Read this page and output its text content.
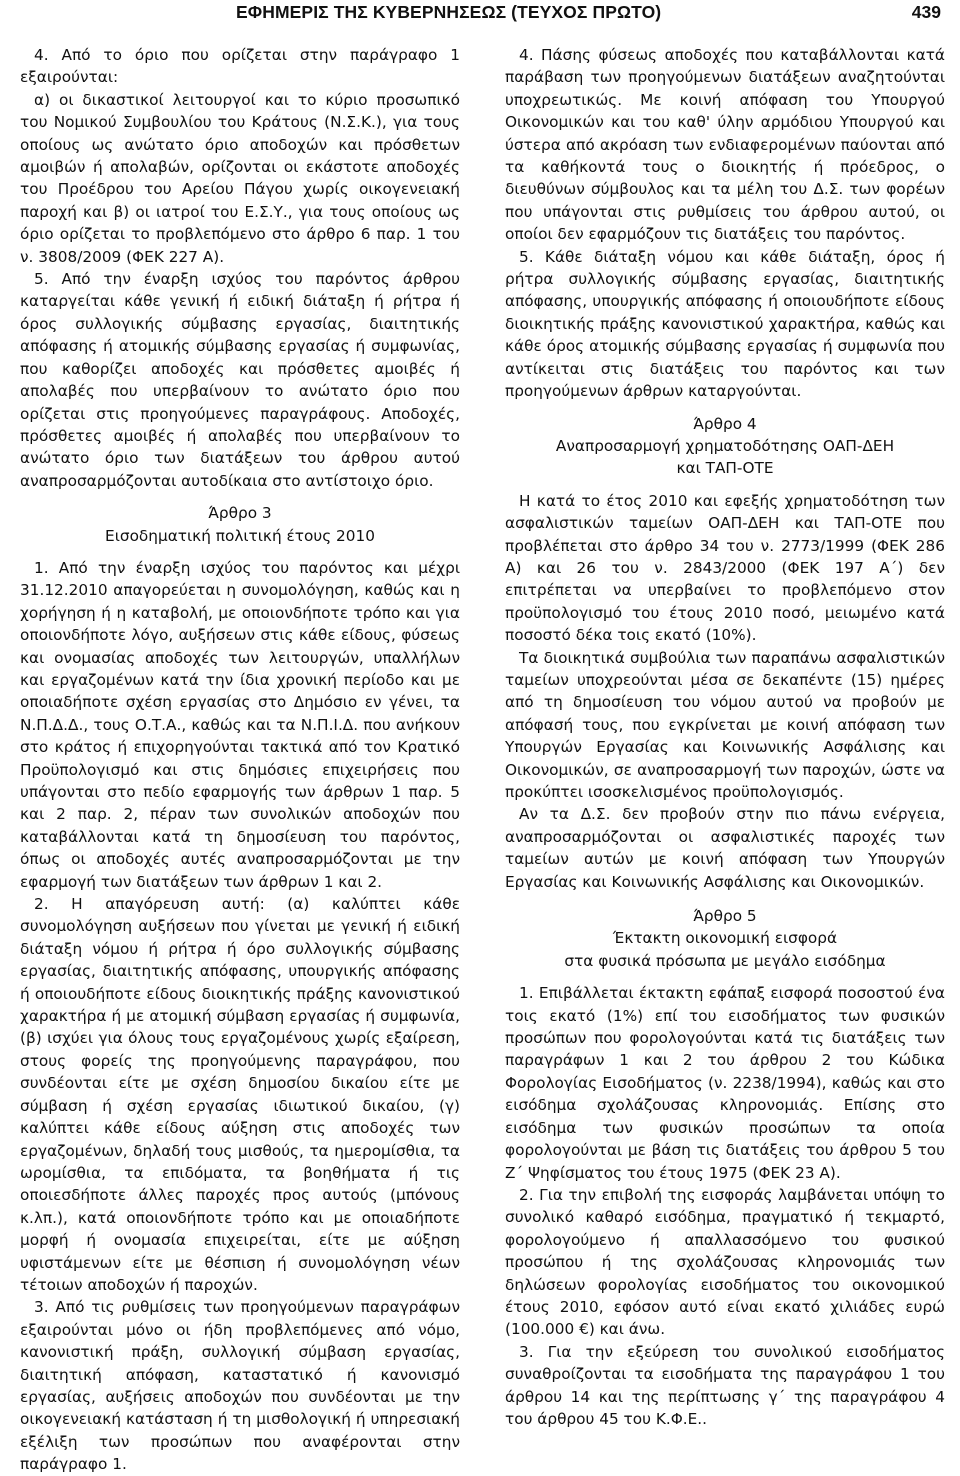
ΕΦΗΜΕΡΙΣ ΤΗΣ ΚΥΒΕΡΝΗΣΕΩΣ (ΤΕΥΧΟΣ ΠΡΩΤΟ)	439

4. Από το όριο που ορίζεται στην παράγραφο 1 εξαιρούνται:

α) οι δικαστικοί λειτουργοί και το κύριο προσωπικό του Νομικού Συμβουλίου του Κράτους (Ν.Σ.Κ.), για τους οποίους ως ανώτατο όριο αποδοχών και πρόσθετων αμοιβών ή απολαβών, ορίζονται οι εκάστοτε αποδοχές του Προέδρου του Αρείου Πάγου χωρίς οικογενειακή παροχή και β) οι ιατροί του Ε.Σ.Υ., για τους οποίους ως όριο ορίζεται το προβλεπόμενο στο άρθρο 6 παρ. 1 του ν. 3808/2009 (ΦΕΚ 227 Α).

5. Από την έναρξη ισχύος του παρόντος άρθρου καταργείται κάθε γενική ή ειδική διάταξη ή ρήτρα ή όρος συλλογικής σύμβασης εργασίας, διαιτητικής απόφασης ή ατομικής σύμβασης εργασίας ή συμφωνίας, που καθορίζει αποδοχές και πρόσθετες αμοιβές ή απολαβές που υπερβαίνουν το ανώτατο όριο που ορίζεται στις προηγούμενες παραγράφους. Αποδοχές, πρόσθετες αμοιβές ή απολαβές που υπερβαίνουν το ανώτατο όριο των διατάξεων του άρθρου αυτού αναπροσαρμόζονται αυτοδίκαια στο αντίστοιχο όριο.

Άρθρο 3

Εισοδηματική πολιτική έτους 2010

1. Από την έναρξη ισχύος του παρόντος και μέχρι 31.12.2010 απαγορεύεται η συνομολόγηση, καθώς και η χορήγηση ή η καταβολή, με οποιονδήποτε τρόπο και για οποιονδήποτε λόγο, αυξήσεων στις κάθε είδους, φύσεως και ονομασίας αποδοχές των λειτουργών, υπαλλήλων και εργαζομένων κατά την ίδια χρονική περίοδο και με οποιαδήποτε σχέση εργασίας στο Δημόσιο εν γένει, τα Ν.Π.Δ.Δ., τους Ο.Τ.Α., καθώς και τα Ν.Π.Ι.Δ. που ανήκουν στο κράτος ή επιχορηγούνται τακτικά από τον Κρατικό Προϋπολογισμό και στις δημόσιες επιχειρήσεις που υπάγονται στο πεδίο εφαρμογής των άρθρων 1 παρ. 5 και 2 παρ. 2, πέραν των συνολικών αποδοχών που καταβάλλονται κατά τη δημοσίευση του παρόντος, όπως οι αποδοχές αυτές αναπροσαρμόζονται με την εφαρμογή των διατάξεων των άρθρων 1 και 2.

2. Η απαγόρευση αυτή: (α) καλύπτει κάθε συνομολόγηση αυξήσεων που γίνεται με γενική ή ειδική διάταξη νόμου ή ρήτρα ή όρο συλλογικής σύμβασης εργασίας, διαιτητικής απόφασης, υπουργικής απόφασης ή οποιουδήποτε είδους διοικητικής πράξης κανονιστικού χαρακτήρα ή με ατομική σύμβαση εργασίας ή συμφωνία, (β) ισχύει για όλους τους εργαζομένους χωρίς εξαίρεση, στους φορείς της προηγούμενης παραγράφου, που συνδέονται είτε με σχέση δημοσίου δικαίου είτε με σύμβαση ή σχέση εργασίας ιδιωτικού δικαίου, (γ) καλύπτει κάθε είδους αύξηση στις αποδοχές των εργαζομένων, δηλαδή τους μισθούς, τα ημερομίσθια, τα ωρομίσθια, τα επιδόματα, τα βοηθήματα ή τις οποιεσδήποτε άλλες παροχές προς αυτούς (μπόνους κ.λπ.), κατά οποιονδήποτε τρόπο και με οποιαδήποτε μορφή ή ονομασία επιχειρείται, είτε με αύξηση υφιστάμενων είτε με θέσπιση ή συνομολόγηση νέων τέτοιων αποδοχών ή παροχών.

3. Από τις ρυθμίσεις των προηγούμενων παραγράφων εξαιρούνται μόνο οι ήδη προβλεπόμενες από νόμο, κανονιστική πράξη, συλλογική σύμβαση εργασίας, διαιτητική απόφαση, καταστατικό ή κανονισμό εργασίας, αυξήσεις αποδοχών που συνδέονται με την οικογενειακή κατάσταση ή τη μισθολογική ή υπηρεσιακή εξέλιξη των προσώπων που αναφέρονται στην παράγραφο 1.

4. Πάσης φύσεως αποδοχές που καταβάλλονται κατά παράβαση των προηγούμενων διατάξεων αναζητούνται υποχρεωτικώς. Με κοινή απόφαση του Υπουργού Οικονομικών και του καθ' ύλην αρμόδιου Υπουργού και ύστερα από ακρόαση των ενδιαφερομένων παύονται από τα καθήκοντά τους ο διοικητής ή πρόεδρος, ο διευθύνων σύμβουλος και τα μέλη του Δ.Σ. των φορέων που υπάγονται στις ρυθμίσεις του άρθρου αυτού, οι οποίοι δεν εφαρμόζουν τις διατάξεις του παρόντος.

5. Κάθε διάταξη νόμου και κάθε διάταξη, όρος ή ρήτρα συλλογικής σύμβασης εργασίας, διαιτητικής απόφασης, υπουργικής απόφασης ή οποιουδήποτε είδους διοικητικής πράξης κανονιστικού χαρακτήρα, καθώς και κάθε όρος ατομικής σύμβασης εργασίας ή συμφωνία που αντίκειται στις διατάξεις του παρόντος και των προηγούμενων άρθρων καταργούνται.

Άρθρο 4

Αναπροσαρμογή χρηματοδότησης ΟΑΠ-ΔΕΗ

και ΤΑΠ-ΟΤΕ

Η κατά το έτος 2010 και εφεξής χρηματοδότηση των ασφαλιστικών ταμείων ΟΑΠ-ΔΕΗ και ΤΑΠ-ΟΤΕ που προβλέπεται στο άρθρο 34 του ν. 2773/1999 (ΦΕΚ 286 Α) και 26 του ν. 2843/2000 (ΦΕΚ 197 Α΄) δεν επιτρέπεται να υπερβαίνει το προβλεπόμενο στον προϋπολογισμό του έτους 2010 ποσό, μειωμένο κατά ποσοστό δέκα τοις εκατό (10%).

Τα διοικητικά συμβούλια των παραπάνω ασφαλιστικών ταμείων υποχρεούνται μέσα σε δεκαπέντε (15) ημέρες από τη δημοσίευση του νόμου αυτού να προβούν με απόφασή τους, που εγκρίνεται με κοινή απόφαση των Υπουργών Εργασίας και Κοινωνικής Ασφάλισης και Οικονομικών, σε αναπροσαρμογή των παροχών, ώστε να προκύπτει ισοσκελισμένος προϋπολογισμός.

Αν τα Δ.Σ. δεν προβούν στην πιο πάνω ενέργεια, αναπροσαρμόζονται οι ασφαλιστικές παροχές των ταμείων αυτών με κοινή απόφαση των Υπουργών Εργασίας και Κοινωνικής Ασφάλισης και Οικονομικών.

Άρθρο 5

Έκτακτη οικονομική εισφορά

στα φυσικά πρόσωπα με μεγάλο εισόδημα

1. Επιβάλλεται έκτακτη εφάπαξ εισφορά ποσοστού ένα τοις εκατό (1%) επί του εισοδήματος των φυσικών προσώπων που φορολογούνται κατά τις διατάξεις των παραγράφων 1 και 2 του άρθρου 2 του Κώδικα Φορολογίας Εισοδήματος (ν. 2238/1994), καθώς και στο εισόδημα σχολάζουσας κληρονομιάς. Επίσης στο εισόδημα των φυσικών προσώπων τα οποία φορολογούνται με βάση τις διατάξεις του άρθρου 5 του Ζ΄ Ψηφίσματος του έτους 1975 (ΦΕΚ 23 Α).

2. Για την επιβολή της εισφοράς λαμβάνεται υπόψη το συνολικό καθαρό εισόδημα, πραγματικό ή τεκμαρτό, φορολογούμενο ή απαλλασσόμενο του φυσικού προσώπου ή της σχολάζουσας κληρονομιάς των δηλώσεων φορολογίας εισοδήματος του οικονομικού έτους 2010, εφόσον αυτό είναι εκατό χιλιάδες ευρώ (100.000 €) και άνω.

3. Για την εξεύρεση του συνολικού εισοδήματος συναθροίζονται τα εισοδήματα της παραγράφου 1 του άρθρου 14 και της περίπτωσης γ΄ της παραγράφου 4 του άρθρου 45 του Κ.Φ.Ε..
